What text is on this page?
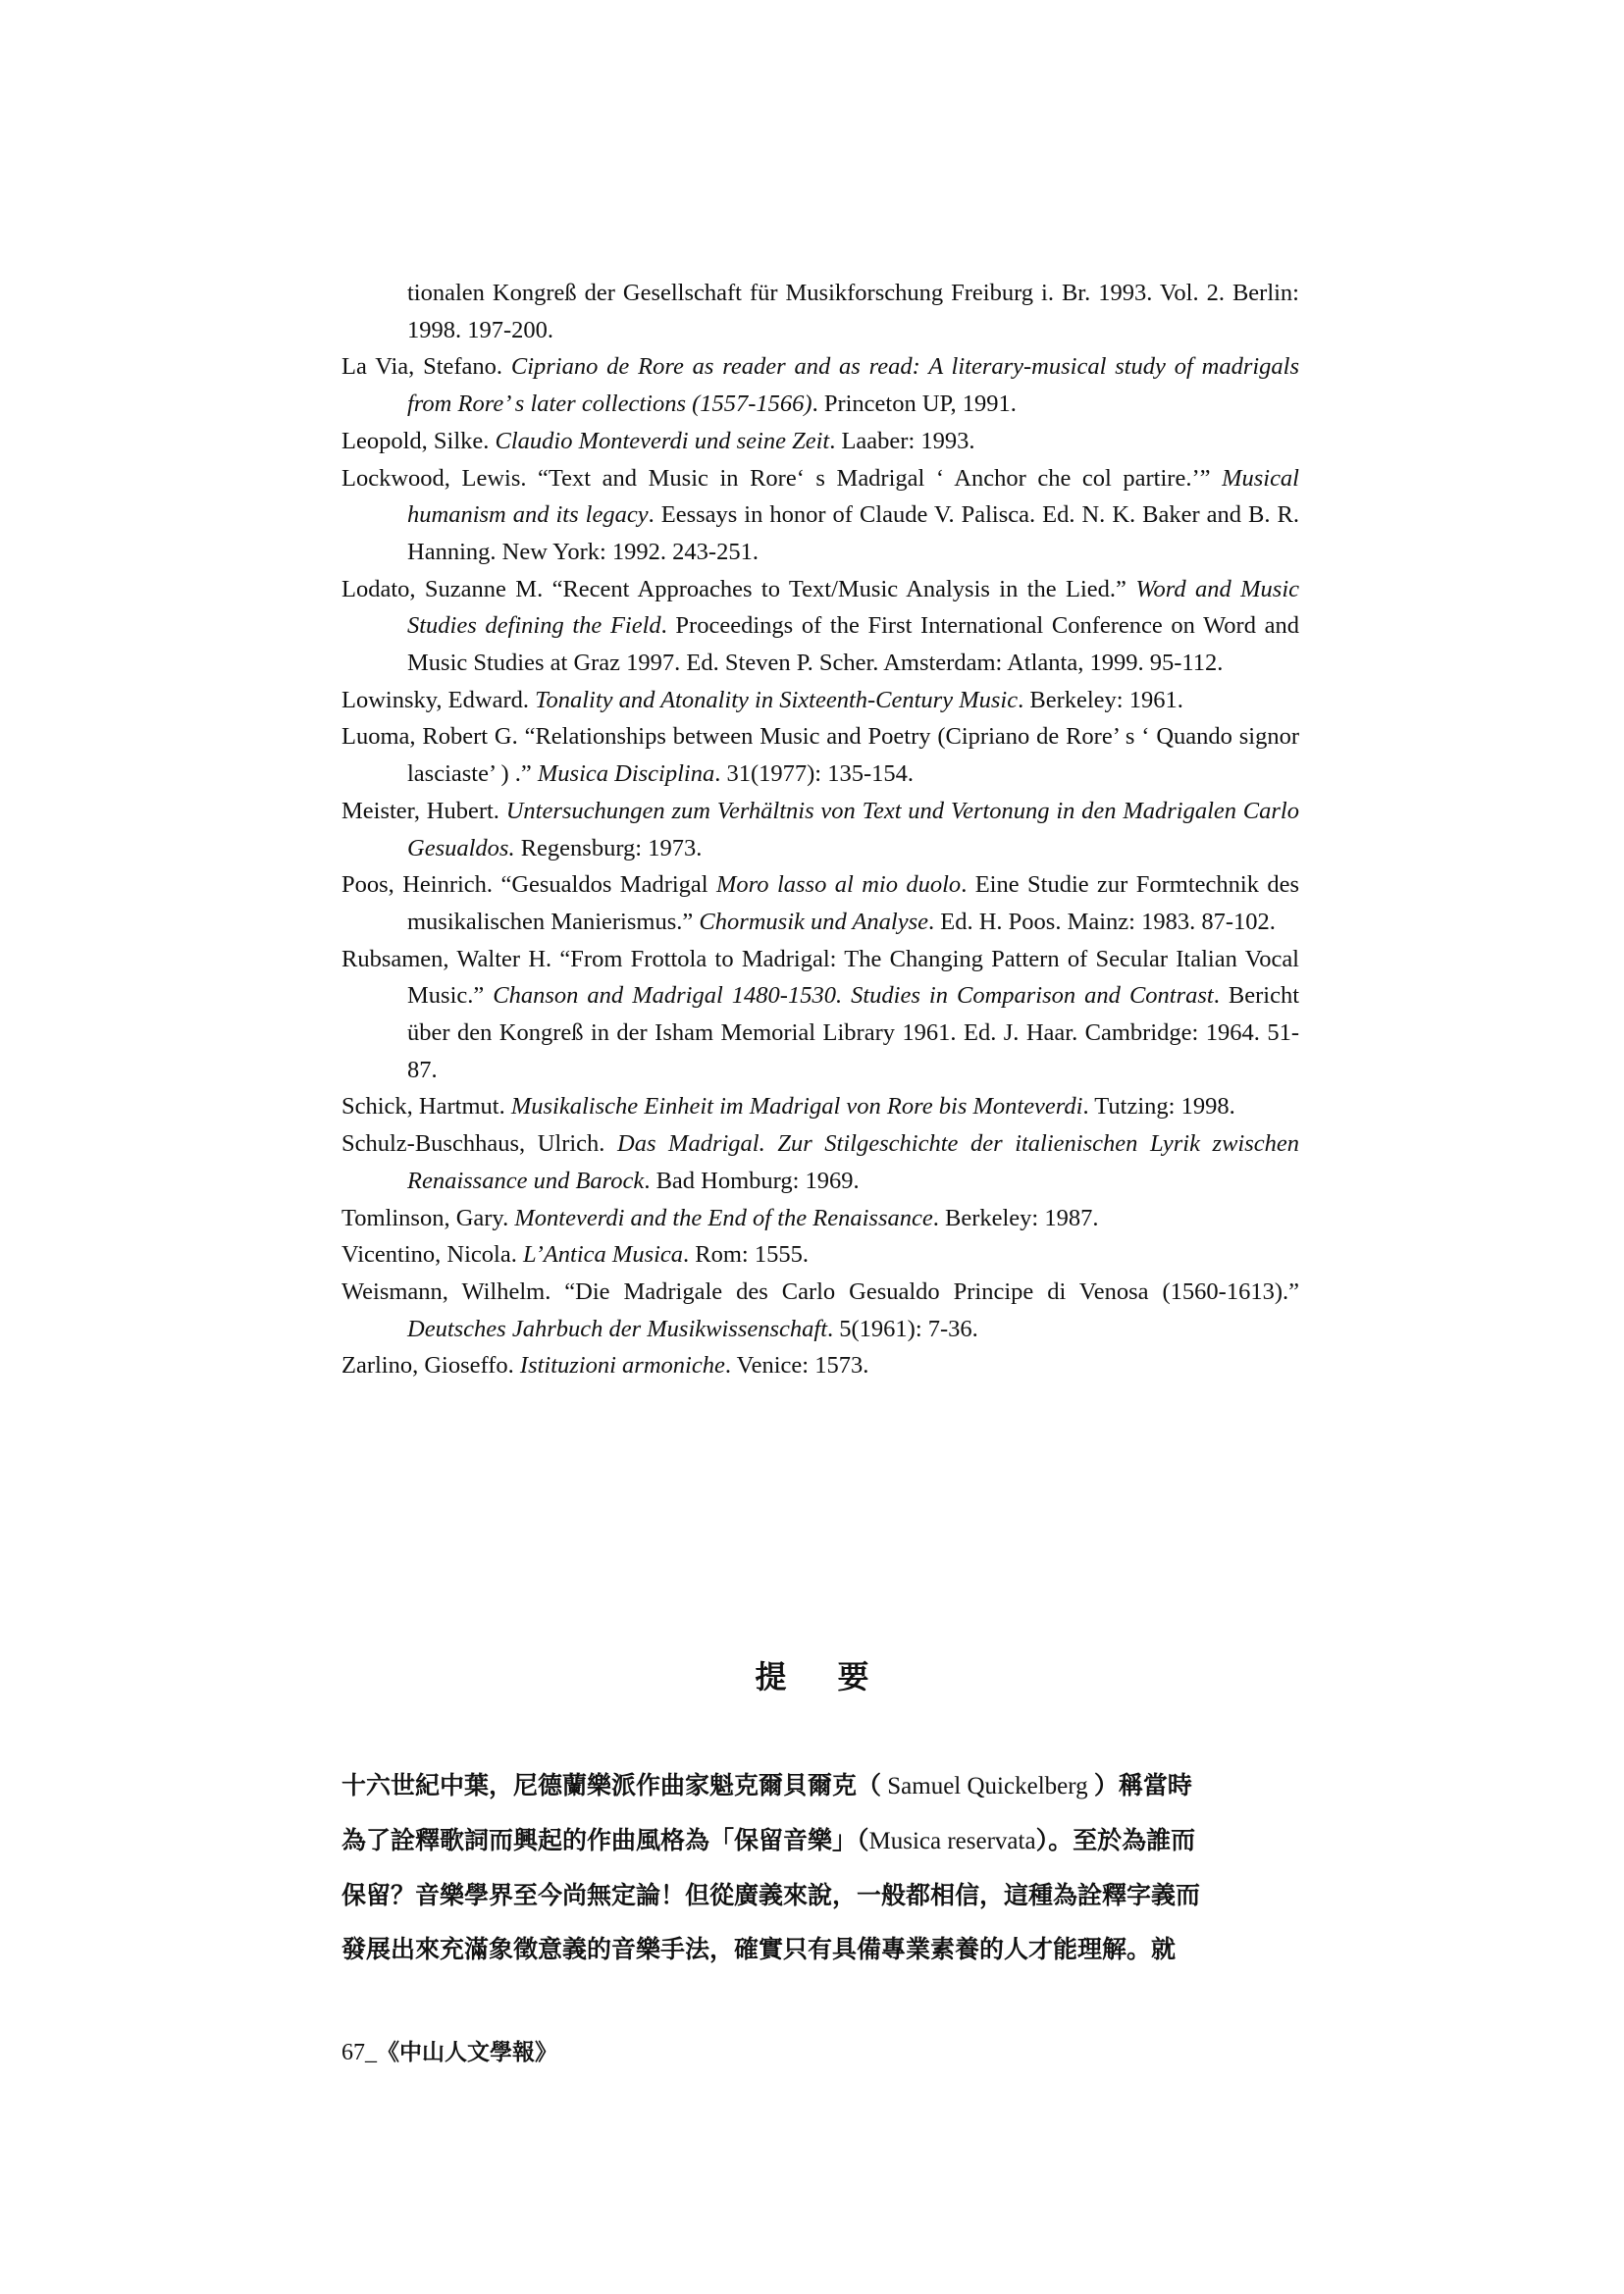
tionalen Kongreß der Gesellschaft für Musikforschung Freiburg i. Br. 1993. Vol. 2. Berlin: 1998. 197-200.

La Via, Stefano. Cipriano de Rore as reader and as read: A literary-musical study of madrigals from Rore’ s later collections (1557-1566). Princeton UP, 1991.

Leopold, Silke. Claudio Monteverdi und seine Zeit. Laaber: 1993.

Lockwood, Lewis. “Text and Music in Rore‘ s Madrigal ‘ Anchor che col partire.’” Musical humanism and its legacy. Eessays in honor of Claude V. Palisca. Ed. N. K. Baker and B. R. Hanning. New York: 1992. 243-251.

Lodato, Suzanne M. “Recent Approaches to Text/Music Analysis in the Lied.” Word and Music Studies defining the Field. Proceedings of the First International Conference on Word and Music Studies at Graz 1997. Ed. Steven P. Scher. Amsterdam: Atlanta, 1999. 95-112.

Lowinsky, Edward. Tonality and Atonality in Sixteenth-Century Music. Berkeley: 1961.

Luoma, Robert G. “Relationships between Music and Poetry (Cipriano de Rore’ s ‘ Quando signor lasciaste’ ) .” Musica Disciplina. 31(1977): 135-154.

Meister, Hubert. Untersuchungen zum Verhältnis von Text und Vertonung in den Madrigalen Carlo Gesualdos. Regensburg: 1973.

Poos, Heinrich. “Gesualdos Madrigal Moro lasso al mio duolo. Eine Studie zur Formtechnik des musikalischen Manierismus.” Chormusik und Analyse. Ed. H. Poos. Mainz: 1983. 87-102.

Rubsamen, Walter H. “From Frottola to Madrigal: The Changing Pattern of Secular Italian Vocal Music.” Chanson and Madrigal 1480-1530. Studies in Comparison and Contrast. Bericht über den Kongreß in der Isham Memorial Library 1961. Ed. J. Haar. Cambridge: 1964. 51-87.

Schick, Hartmut. Musikalische Einheit im Madrigal von Rore bis Monteverdi. Tutzing: 1998.

Schulz-Buschhaus, Ulrich. Das Madrigal. Zur Stilgeschichte der italienischen Lyrik zwischen Renaissance und Barock. Bad Homburg: 1969.

Tomlinson, Gary. Monteverdi and the End of the Renaissance. Berkeley: 1987.

Vicentino, Nicola. L’Antica Musica. Rom: 1555.

Weismann, Wilhelm. “Die Madrigale des Carlo Gesualdo Principe di Venosa (1560-1613).” Deutsches Jahrbuch der Musikwissenschaft. 5(1961): 7-36.

Zarlino, Gioseffo. Istituzioni armoniche. Venice: 1573.

提要

十六世紀中葉，尼德蘭樂派作曲家魁克爾貝爾克（ Samuel Quickelberg ）稱當時

為了詮釋歌詞而興起的作曲風格為「保留音樂」（Musica reservata）。至於為誰而

保留？音樂學界至今尚無定論！但從廣義來說，一般都相信，這種為詮釋字義而

發展出來充滿象徵意義的音樂手法，確實只有具備專業素養的人才能理解。就

67_《中山人文學報》
